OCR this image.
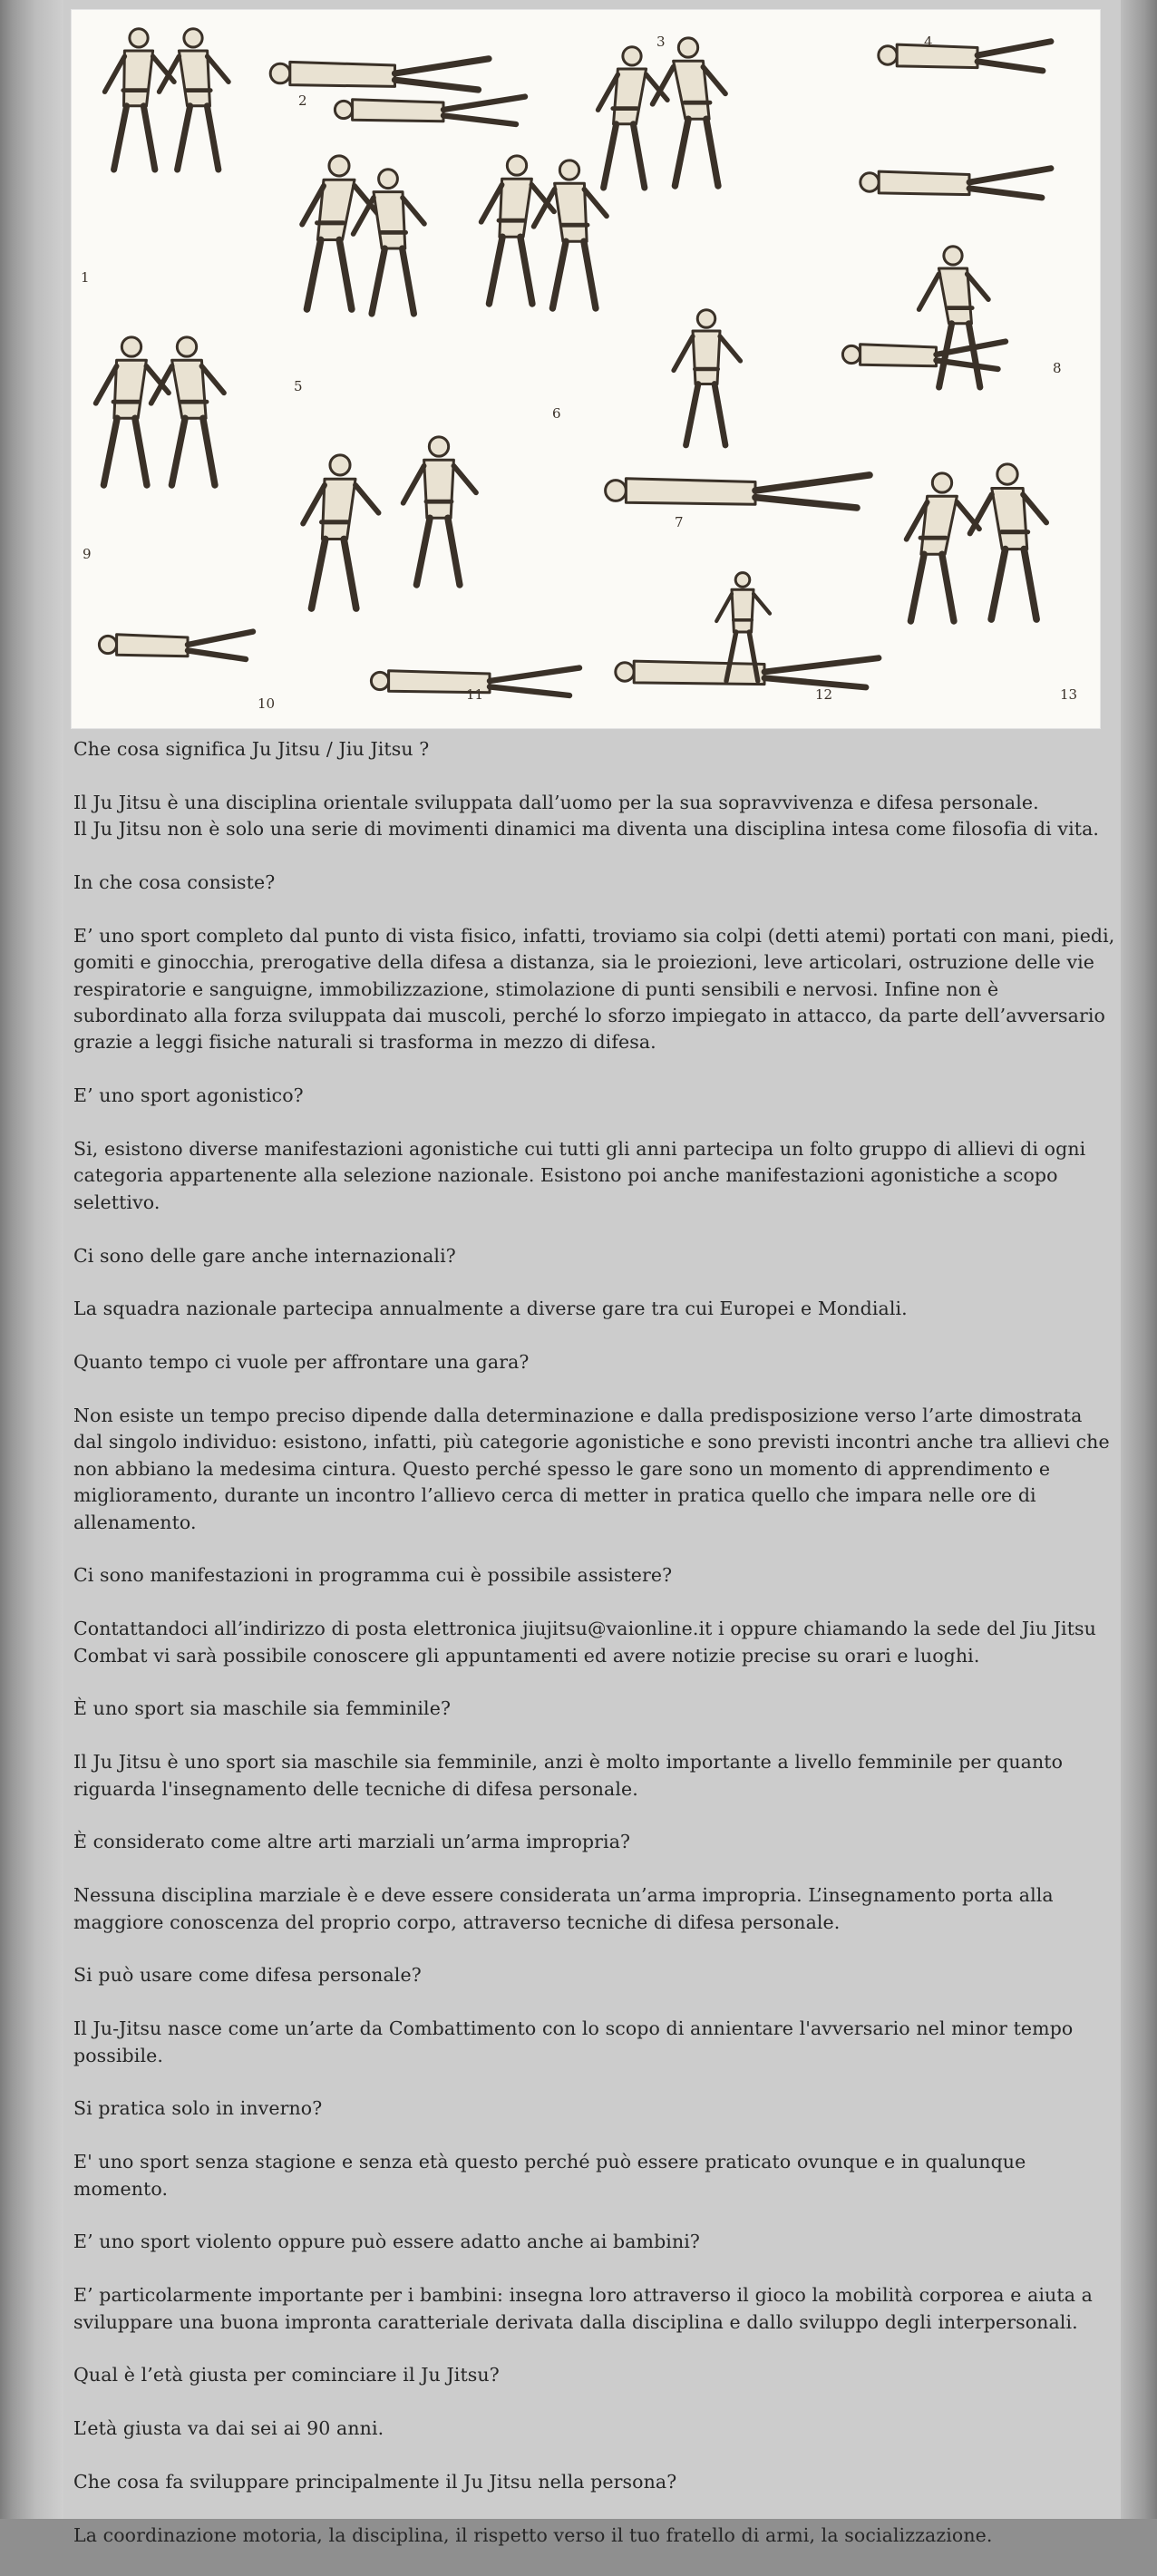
1
2
3	4
5
6
7
8
9
10
11	12	13

Che cosa significa Ju Jitsu / Jiu Jitsu ?

Il Ju Jitsu è una disciplina orientale sviluppata dall’uomo per la sua sopravvivenza e difesa personale.
Il Ju Jitsu non è solo una serie di movimenti dinamici ma diventa una disciplina intesa come filosofia di vita.

In che cosa consiste?

E’ uno sport completo dal punto di vista fisico, infatti, troviamo sia colpi (detti atemi) portati con mani, piedi, gomiti e ginocchia, prerogative della difesa a distanza, sia le proiezioni, leve articolari, ostruzione delle vie respiratorie e sanguigne, immobilizzazione, stimolazione di punti sensibili e nervosi. Infine non è subordinato alla forza sviluppata dai muscoli, perché lo sforzo impiegato in attacco, da parte dell’avversario grazie a leggi fisiche naturali si trasforma in mezzo di difesa.

E’ uno sport agonistico?

Si, esistono diverse manifestazioni agonistiche cui tutti gli anni partecipa un folto gruppo di allievi di ogni categoria appartenente alla selezione nazionale. Esistono poi anche manifestazioni agonistiche a scopo selettivo.

Ci sono delle gare anche internazionali?

La squadra nazionale partecipa annualmente a diverse gare tra cui Europei e Mondiali.

Quanto tempo ci vuole per affrontare una gara?

Non esiste un tempo preciso dipende dalla determinazione e dalla predisposizione verso l’arte dimostrata dal singolo individuo: esistono, infatti, più categorie agonistiche e sono previsti incontri anche tra allievi che non abbiano la medesima cintura. Questo perché spesso le gare sono un momento di apprendimento e miglioramento, durante un incontro l’allievo cerca di metter in pratica quello che impara nelle ore di allenamento.

Ci sono manifestazioni in programma cui è possibile assistere?

Contattandoci all’indirizzo di posta elettronica jiujitsu@vaionline.it i oppure chiamando la sede del Jiu Jitsu Combat vi sarà possibile conoscere gli appuntamenti ed avere notizie precise su orari e luoghi.

È uno sport sia maschile sia femminile?

Il Ju Jitsu è uno sport sia maschile sia femminile, anzi è molto importante a livello femminile per quanto riguarda l'insegnamento delle tecniche di difesa personale.

È considerato come altre arti marziali un’arma impropria?

Nessuna disciplina marziale è e deve essere considerata un’arma impropria. L’insegnamento porta alla maggiore conoscenza del proprio corpo, attraverso tecniche di difesa personale.

Si può usare come difesa personale?

Il Ju-Jitsu nasce come un’arte da Combattimento con lo scopo di annientare l'avversario nel minor tempo possibile.

Si pratica solo in inverno?

E' uno sport senza stagione e senza età questo perché può essere praticato ovunque e in qualunque momento.

E’ uno sport violento oppure può essere adatto anche ai bambini?

E’ particolarmente importante per i bambini: insegna loro attraverso il gioco la mobilità corporea e aiuta a sviluppare una buona impronta caratteriale derivata dalla disciplina e dallo sviluppo degli interpersonali.

Qual è l’età giusta per cominciare il Ju Jitsu?

L’età giusta va dai sei ai 90 anni.

Che cosa fa sviluppare principalmente il Ju Jitsu nella persona?

La coordinazione motoria, la disciplina, il rispetto verso il tuo fratello di armi, la socializzazione.
